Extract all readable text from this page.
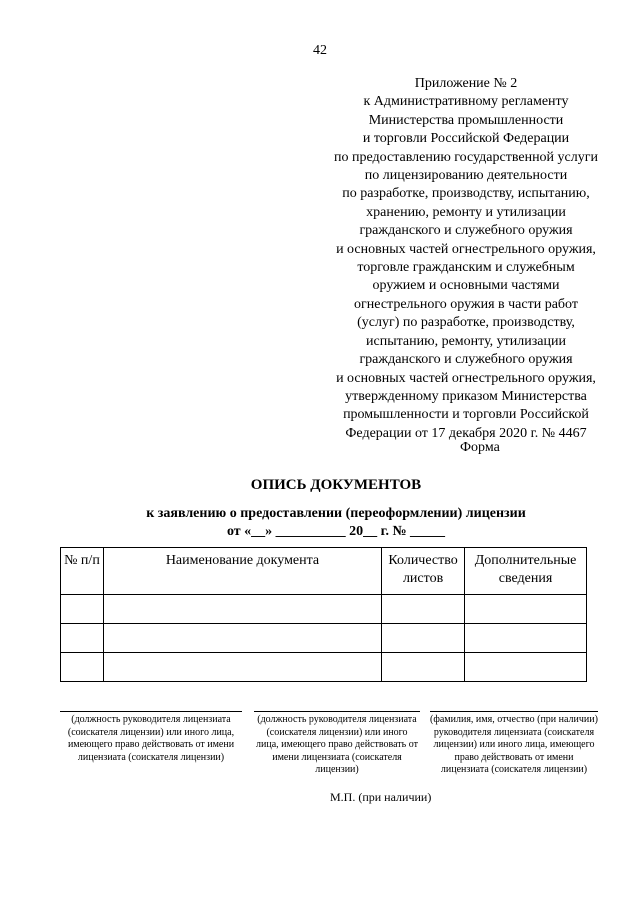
42
Приложение № 2
к Административному регламенту
Министерства промышленности
и торговли Российской Федерации
по предоставлению государственной услуги
по лицензированию деятельности
по разработке, производству, испытанию,
хранению, ремонту и утилизации
гражданского и служебного оружия
и основных частей огнестрельного оружия,
торговле гражданским и служебным
оружием и основными частями
огнестрельного оружия в части работ
(услуг) по разработке, производству,
испытанию, ремонту, утилизации
гражданского и служебного оружия
и основных частей огнестрельного оружия,
утвержденному приказом Министерства
промышленности и торговли Российской
Федерации от 17 декабря 2020 г. № 4467
Форма
ОПИСЬ ДОКУМЕНТОВ
к заявлению о предоставлении (переоформлении) лицензии
от «__» __________ 20__ г. № _____
№ п/п	Наименование документа	Количество листов	Дополнительные сведения

(должность руководителя лицензиата (соискателя лицензии) или иного лица, имеющего право действовать от имени лицензиата (соискателя лицензии)
(должность руководителя лицензиата (соискателя лицензии) или иного лица, имеющего право действовать от имени лицензиата (соискателя лицензии)
(фамилия, имя, отчество (при наличии) руководителя лицензиата (соискателя лицензии) или иного лица, имеющего право действовать от имени лицензиата (соискателя лицензии)
М.П. (при наличии)
